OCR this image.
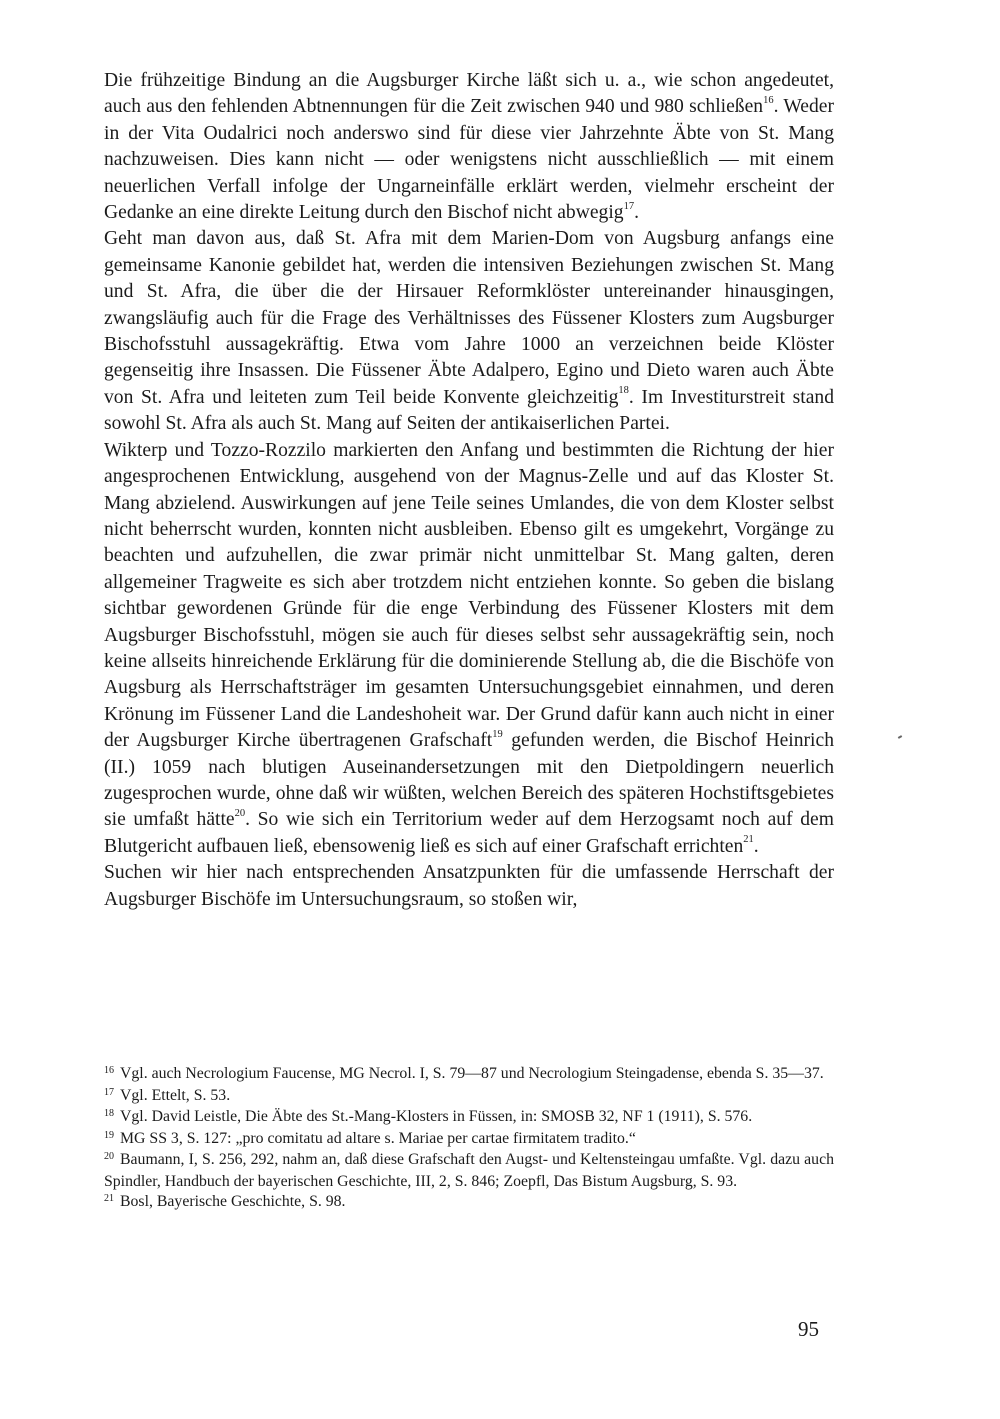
Die frühzeitige Bindung an die Augsburger Kirche läßt sich u. a., wie schon angedeutet, auch aus den fehlenden Abtnennungen für die Zeit zwischen 940 und 980 schließen$^{16}$. Weder in der Vita Oudalrici noch anderswo sind für diese vier Jahrzehnte Äbte von St. Mang nachzuweisen. Dies kann nicht — oder wenigstens nicht ausschließlich — mit einem neuerlichen Verfall infolge der Ungarneinfälle erklärt werden, vielmehr erscheint der Gedanke an eine direkte Leitung durch den Bischof nicht abwegig$^{17}$.

Geht man davon aus, daß St. Afra mit dem Marien-Dom von Augsburg anfangs eine gemeinsame Kanonie gebildet hat, werden die intensiven Beziehungen zwischen St. Mang und St. Afra, die über die der Hirsauer Reformklöster untereinander hinausgingen, zwangsläufig auch für die Frage des Verhältnisses des Füssener Klosters zum Augsburger Bischofsstuhl aussagekräftig. Etwa vom Jahre 1000 an verzeichnen beide Klöster gegenseitig ihre Insassen. Die Füssener Äbte Adalpero, Egino und Dieto waren auch Äbte von St. Afra und leiteten zum Teil beide Konvente gleichzeitig$^{18}$. Im Investiturstreit stand sowohl St. Afra als auch St. Mang auf Seiten der antikaiserlichen Partei.

Wikterp und Tozzo-Rozzilo markierten den Anfang und bestimmten die Richtung der hier angesprochenen Entwicklung, ausgehend von der Magnus-Zelle und auf das Kloster St. Mang abzielend. Auswirkungen auf jene Teile seines Umlandes, die von dem Kloster selbst nicht beherrscht wurden, konnten nicht ausbleiben. Ebenso gilt es umgekehrt, Vorgänge zu beachten und aufzuhellen, die zwar primär nicht unmittelbar St. Mang galten, deren allgemeiner Tragweite es sich aber trotzdem nicht entziehen konnte. So geben die bislang sichtbar gewordenen Gründe für die enge Verbindung des Füssener Klosters mit dem Augsburger Bischofsstuhl, mögen sie auch für dieses selbst sehr aussagekräftig sein, noch keine allseits hinreichende Erklärung für die dominierende Stellung ab, die die Bischöfe von Augsburg als Herrschaftsträger im gesamten Untersuchungsgebiet einnahmen, und deren Krönung im Füssener Land die Landeshoheit war. Der Grund dafür kann auch nicht in einer der Augsburger Kirche übertragenen Grafschaft$^{19}$ gefunden werden, die Bischof Heinrich (II.) 1059 nach blutigen Auseinandersetzungen mit den Dietpoldingern neuerlich zugesprochen wurde, ohne daß wir wüßten, welchen Bereich des späteren Hochstiftsgebietes sie umfaßt hätte$^{20}$. So wie sich ein Territorium weder auf dem Herzogsamt noch auf dem Blutgericht aufbauen ließ, ebensowenig ließ es sich auf einer Grafschaft errichten$^{21}$.

Suchen wir hier nach entsprechenden Ansatzpunkten für die umfassende Herrschaft der Augsburger Bischöfe im Untersuchungsraum, so stoßen wir,

$^{16}$ Vgl. auch Necrologium Faucense, MG Necrol. I, S. 79—87 und Necrologium Steingadense, ebenda S. 35—37.

$^{17}$ Vgl. Ettelt, S. 53.

$^{18}$ Vgl. David Leistle, Die Äbte des St.-Mang-Klosters in Füssen, in: SMOSB 32, NF 1 (1911), S. 576.

$^{19}$ MG SS 3, S. 127: „pro comitatu ad altare s. Mariae per cartae firmitatem tradito.“

$^{20}$ Baumann, I, S. 256, 292, nahm an, daß diese Grafschaft den Augst- und Keltensteingau umfaßte. Vgl. dazu auch Spindler, Handbuch der bayerischen Geschichte, III, 2, S. 846; Zoepfl, Das Bistum Augsburg, S. 93.

$^{21}$ Bosl, Bayerische Geschichte, S. 98.

95
